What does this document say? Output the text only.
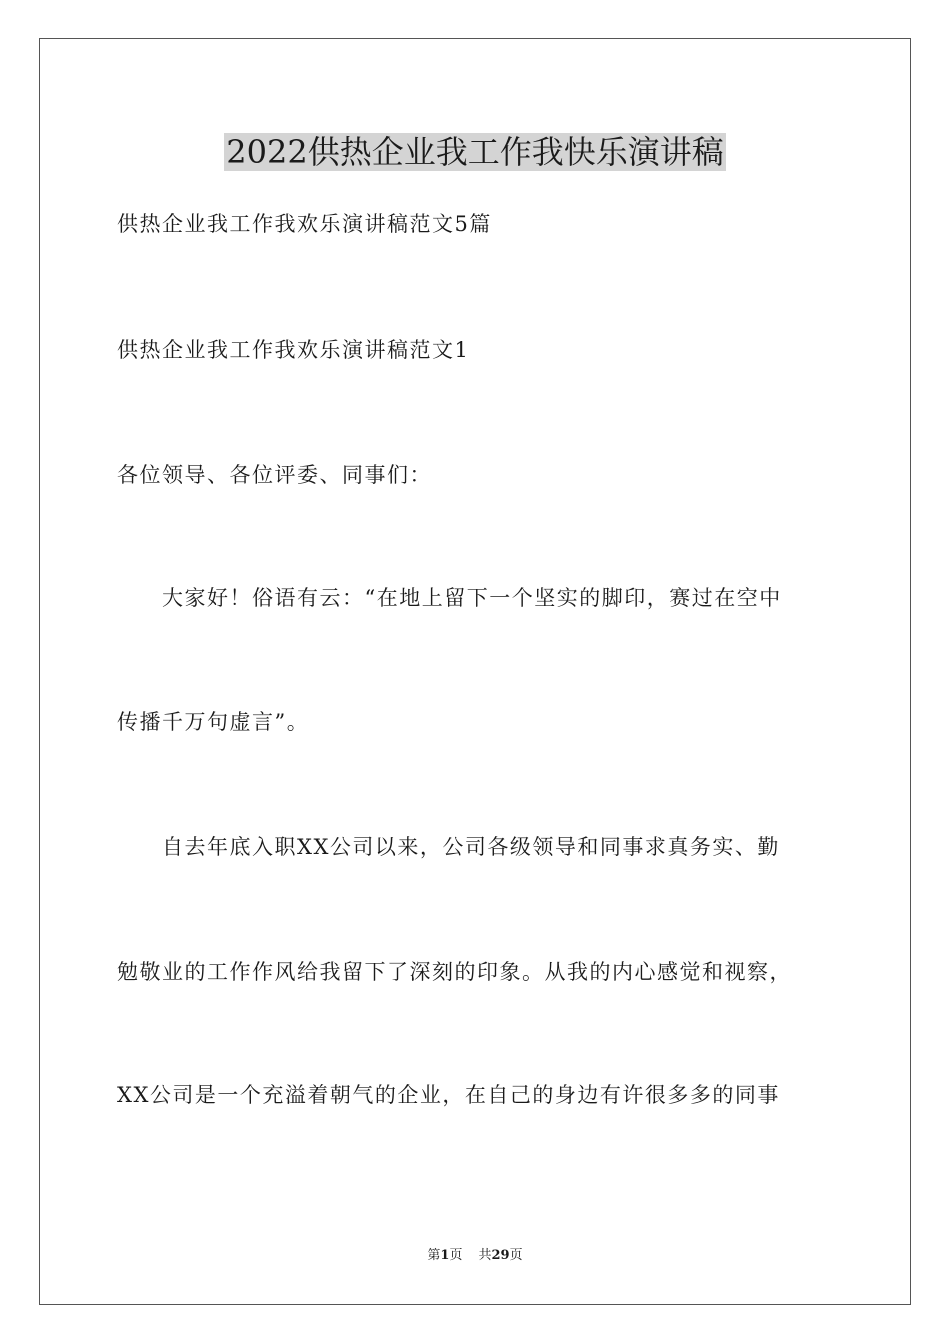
2022供热企业我工作我快乐演讲稿

供热企业我工作我欢乐演讲稿范文5篇

供热企业我工作我欢乐演讲稿范文1

各位领导、各位评委、同事们：

大家好！俗语有云：“在地上留下一个坚实的脚印，赛过在空中

传播千万句虚言”。

自去年底入职XX公司以来，公司各级领导和同事求真务实、勤

勉敬业的工作作风给我留下了深刻的印象。从我的内心感觉和视察，

XX公司是一个充溢着朝气的企业，在自己的身边有许很多多的同事

第1页 共29页
